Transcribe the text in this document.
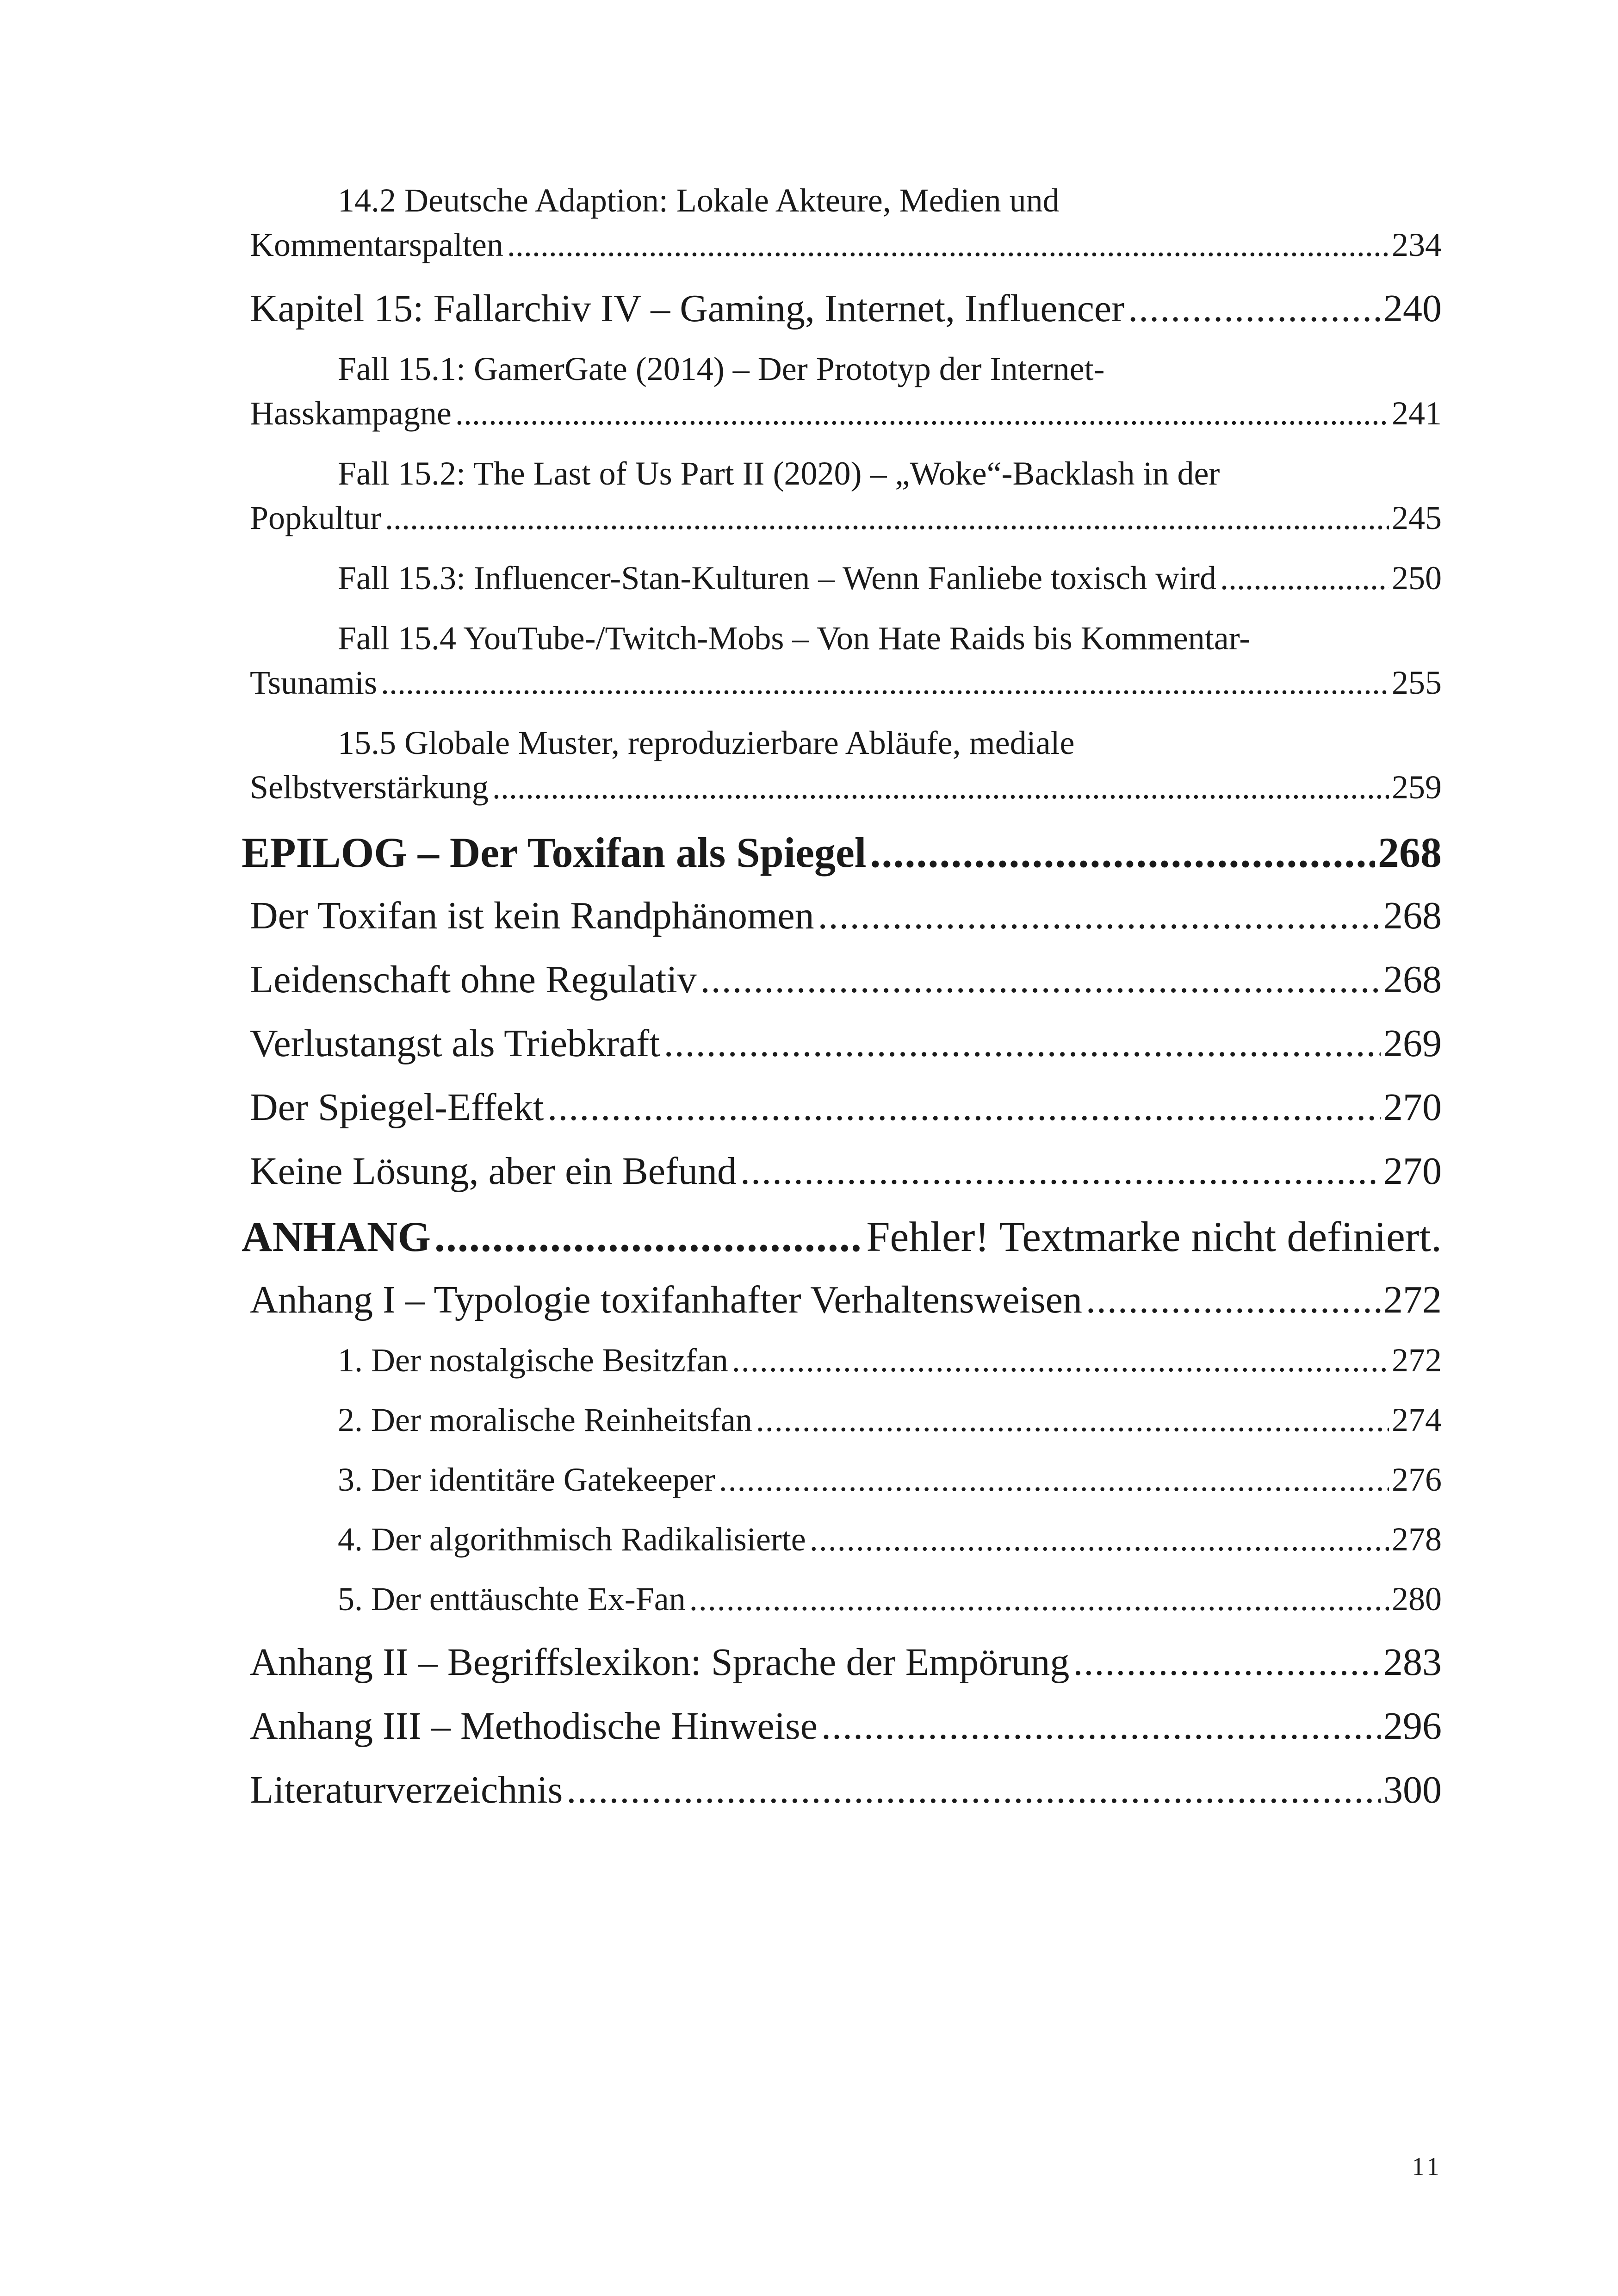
14.2 Deutsche Adaption: Lokale Akteure, Medien und
Kommentarspalten .....	234
Kapitel 15: Fallarchiv IV – Gaming, Internet, Influencer .....	240
Fall 15.1: GamerGate (2014) – Der Prototyp der Internet-
Hasskampagne .....	241
Fall 15.2: The Last of Us Part II (2020) – „Woke“-Backlash in der
Popkultur .....	245
Fall 15.3: Influencer-Stan-Kulturen – Wenn Fanliebe toxisch wird .....	250
Fall 15.4 YouTube-/Twitch-Mobs – Von Hate Raids bis Kommentar-
Tsunamis .....	255
15.5 Globale Muster, reproduzierbare Abläufe, mediale
Selbstverstärkung .....	259
EPILOG – Der Toxifan als Spiegel .....	268
Der Toxifan ist kein Randphänomen .....	268
Leidenschaft ohne Regulativ .....	268
Verlustangst als Triebkraft .....	269
Der Spiegel-Effekt .....	270
Keine Lösung, aber ein Befund .....	270
ANHANG .....	Fehler! Textmarke nicht definiert.
Anhang I – Typologie toxifanhafter Verhaltensweisen .....	272
1. Der nostalgische Besitzfan .....	272
2. Der moralische Reinheitsfan .....	274
3. Der identitäre Gatekeeper .....	276
4. Der algorithmisch Radikalisierte .....	278
5. Der enttäuschte Ex-Fan .....	280
Anhang II – Begriffslexikon: Sprache der Empörung .....	283
Anhang III – Methodische Hinweise .....	296
Literaturverzeichnis .....	300
11
